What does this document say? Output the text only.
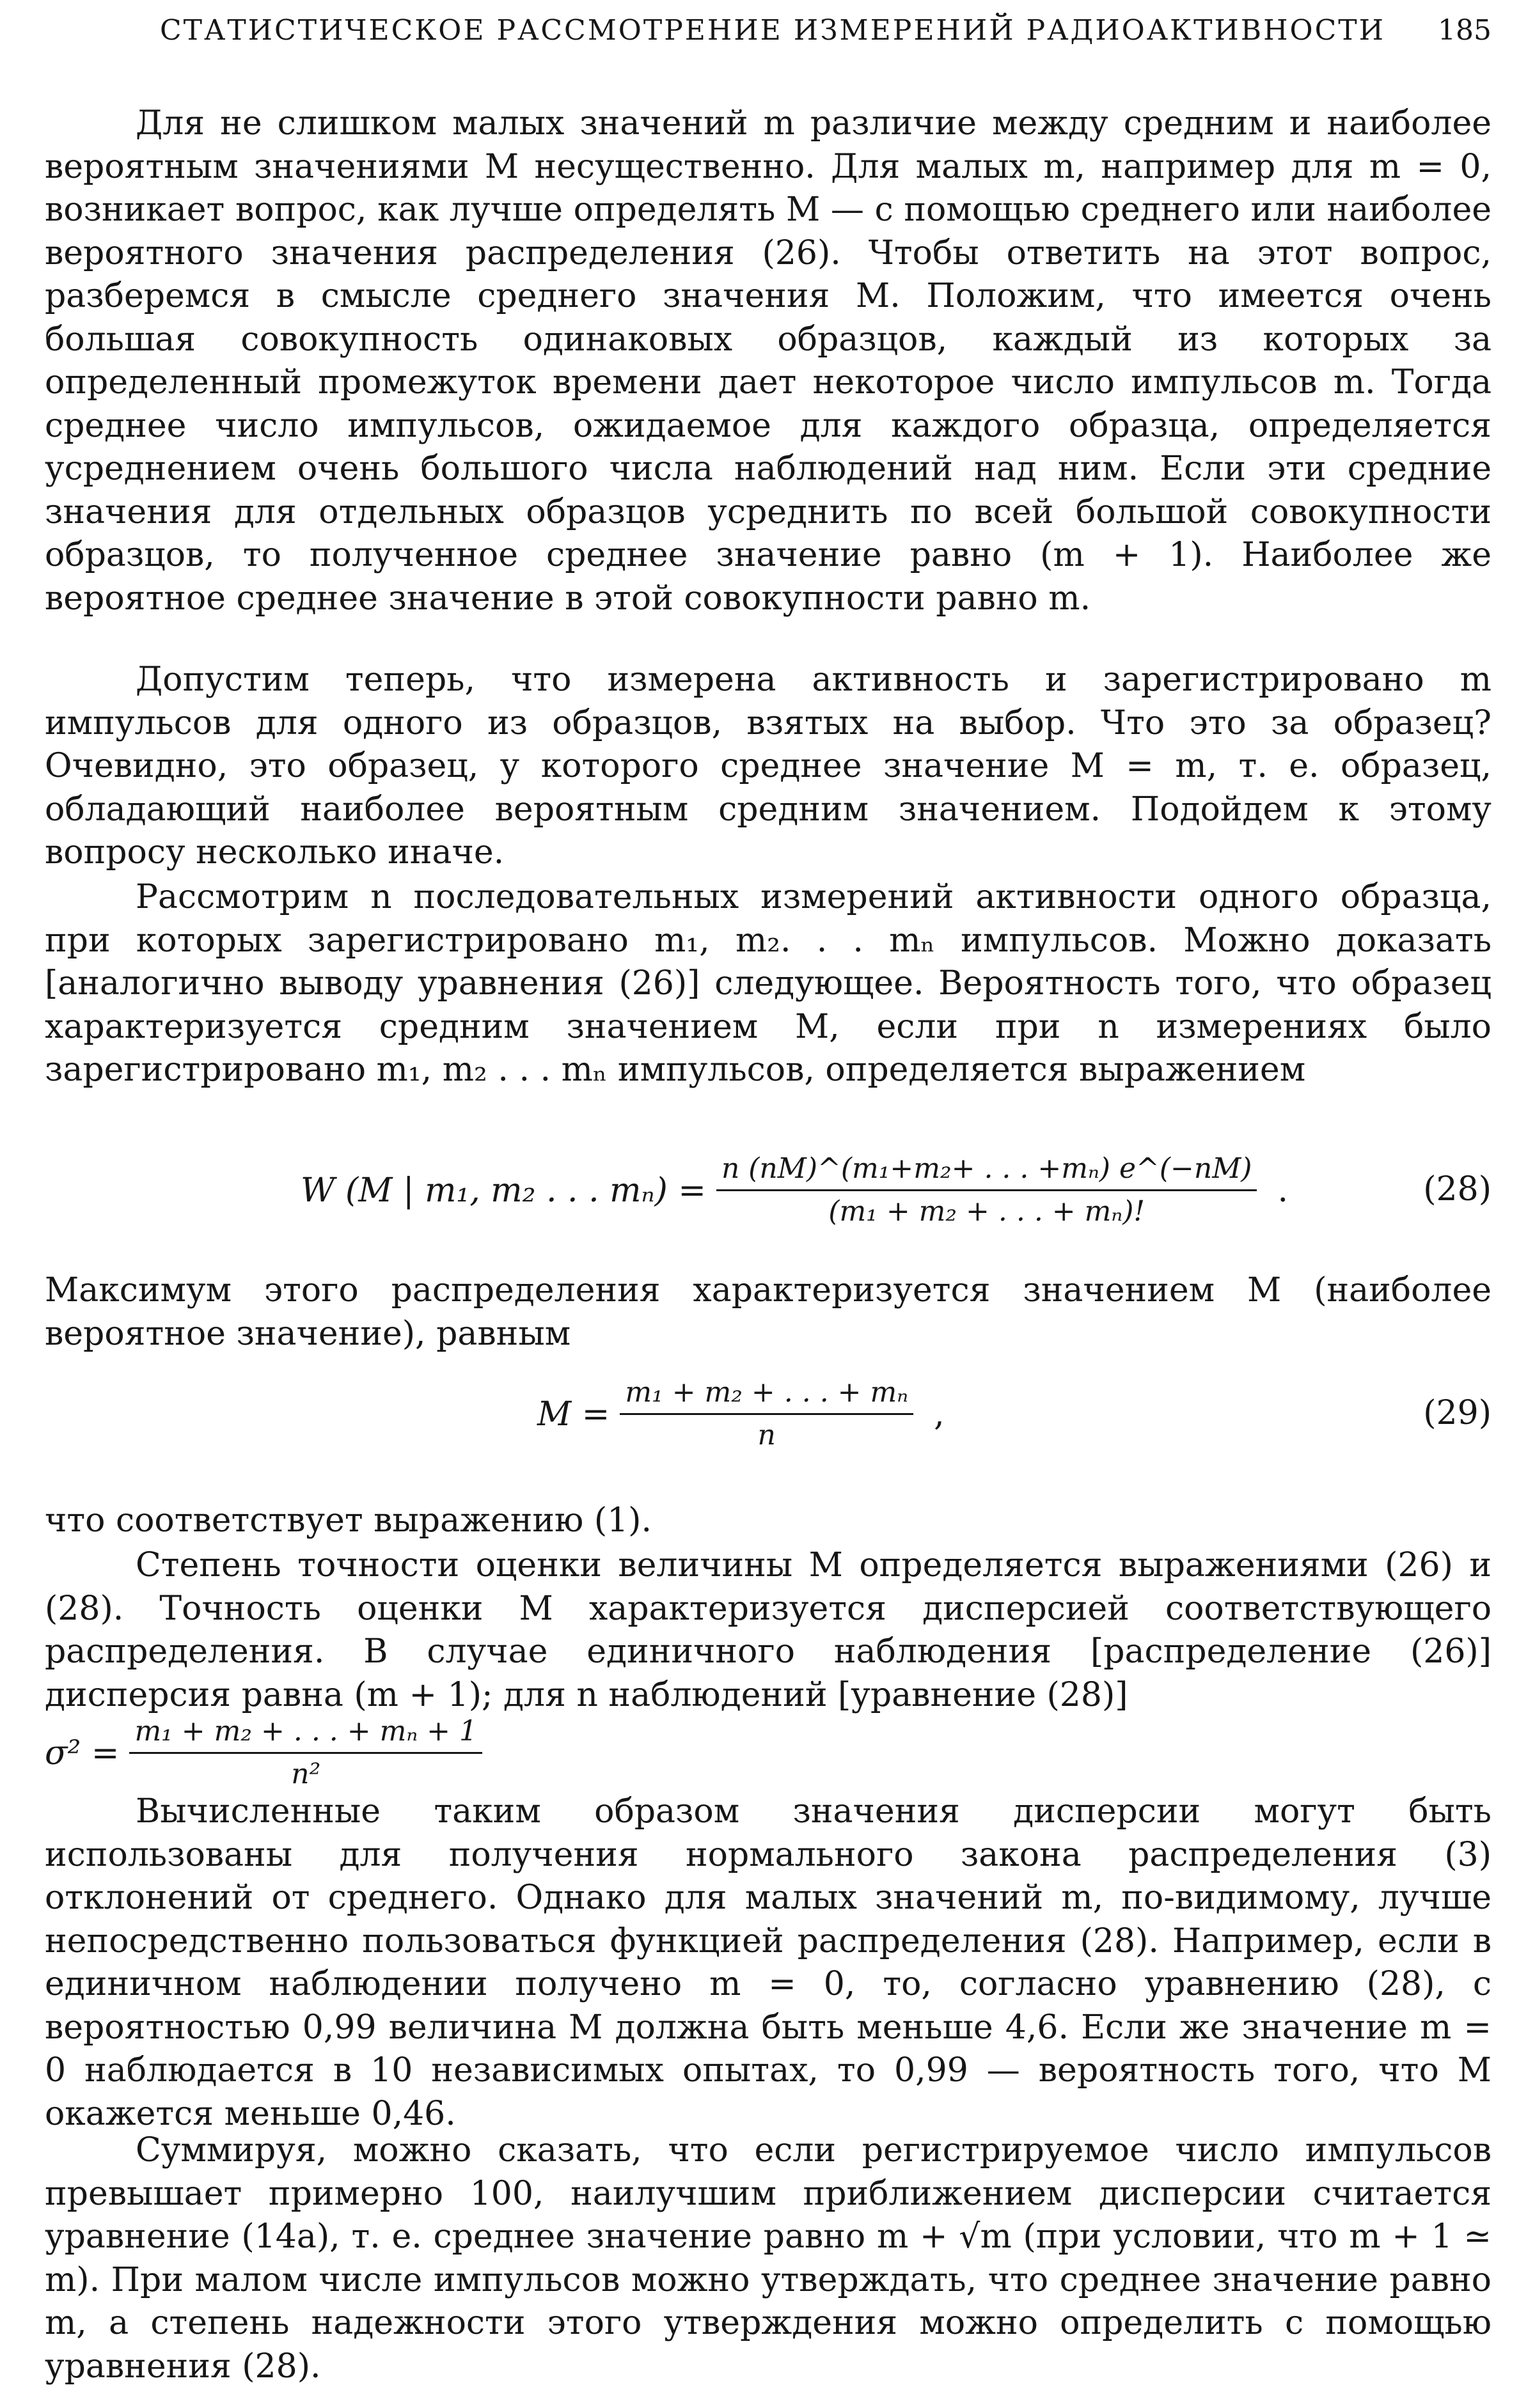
СТАТИСТИЧЕСКОЕ РАССМОТРЕНИЕ ИЗМЕРЕНИЙ РАДИОАКТИВНОСТИ 185

Для не слишком малых значений m различие между средним и наиболее вероятным значениями M несущественно. Для малых m, например для m = 0, возникает вопрос, как лучше определять M — с помощью среднего или наиболее вероятного значения распределения (26). Чтобы ответить на этот вопрос, разберемся в смысле среднего значения M. Положим, что имеется очень большая совокупность одинаковых образцов, каждый из которых за определенный промежуток времени дает некоторое число импульсов m. Тогда среднее число импульсов, ожидаемое для каждого образца, определяется усреднением очень большого числа наблюдений над ним. Если эти средние значения для отдельных образцов усреднить по всей большой совокупности образцов, то полученное среднее значение равно (m + 1). Наиболее же вероятное среднее значение в этой совокупности равно m.

Допустим теперь, что измерена активность и зарегистрировано m импульсов для одного из образцов, взятых на выбор. Что это за образец? Очевидно, это образец, у которого среднее значение M = m, т. е. образец, обладающий наиболее вероятным средним значением. Подойдем к этому вопросу несколько иначе.

Рассмотрим n последовательных измерений активности одного образца, при которых зарегистрировано m₁, m₂. . . mₙ импульсов. Можно доказать [аналогично выводу уравнения (26)] следующее. Вероятность того, что образец характеризуется средним значением M, если при n измерениях было зарегистрировано m₁, m₂ . . . mₙ импульсов, определяется выражением

W (M | m₁, m₂ . . . $m_n) = \frac{\text{n (nM)\textasciicircum{}(m₁+m₂+ . . . +mₙ) e\textasciicircum{}(−nM)}}{\text{(m₁ + m₂ + . . . + mₙ)!}}$ .	(28)

Максимум этого распределения характеризуется значением M (наиболее вероятное значение), равным

$M = \frac{\text{m₁ + m₂ + . . . + mₙ}}{n}$ ,	(29)

что соответствует выражению (1).

Степень точности оценки величины M определяется выражениями (26) и (28). Точность оценки M характеризуется дисперсией соответствующего распределения. В случае единичного наблюдения [распределение (26)] дисперсия равна (m + 1); для n наблюдений [уравнение (28)]

$\sigma^2 = \frac{\text{m₁ + m₂ + . . . + mₙ + 1}}{\text{n²}}$

Вычисленные таким образом значения дисперсии могут быть использованы для получения нормального закона распределения (3) отклонений от среднего. Однако для малых значений m, по-видимому, лучше непосредственно пользоваться функцией распределения (28). Например, если в единичном наблюдении получено m = 0, то, согласно уравнению (28), с вероятностью 0,99 величина M должна быть меньше 4,6. Если же значение m = 0 наблюдается в 10 независимых опытах, то 0,99 — вероятность того, что M окажется меньше 0,46.

Суммируя, можно сказать, что если регистрируемое число импульсов превышает примерно 100, наилучшим приближением дисперсии считается уравнение (14а), т. е. среднее значение равно m + √m (при условии, что m + 1 ≃ m). При малом числе импульсов можно утверждать, что среднее значение равно m, а степень надежности этого утверждения можно определить с помощью уравнения (28).
